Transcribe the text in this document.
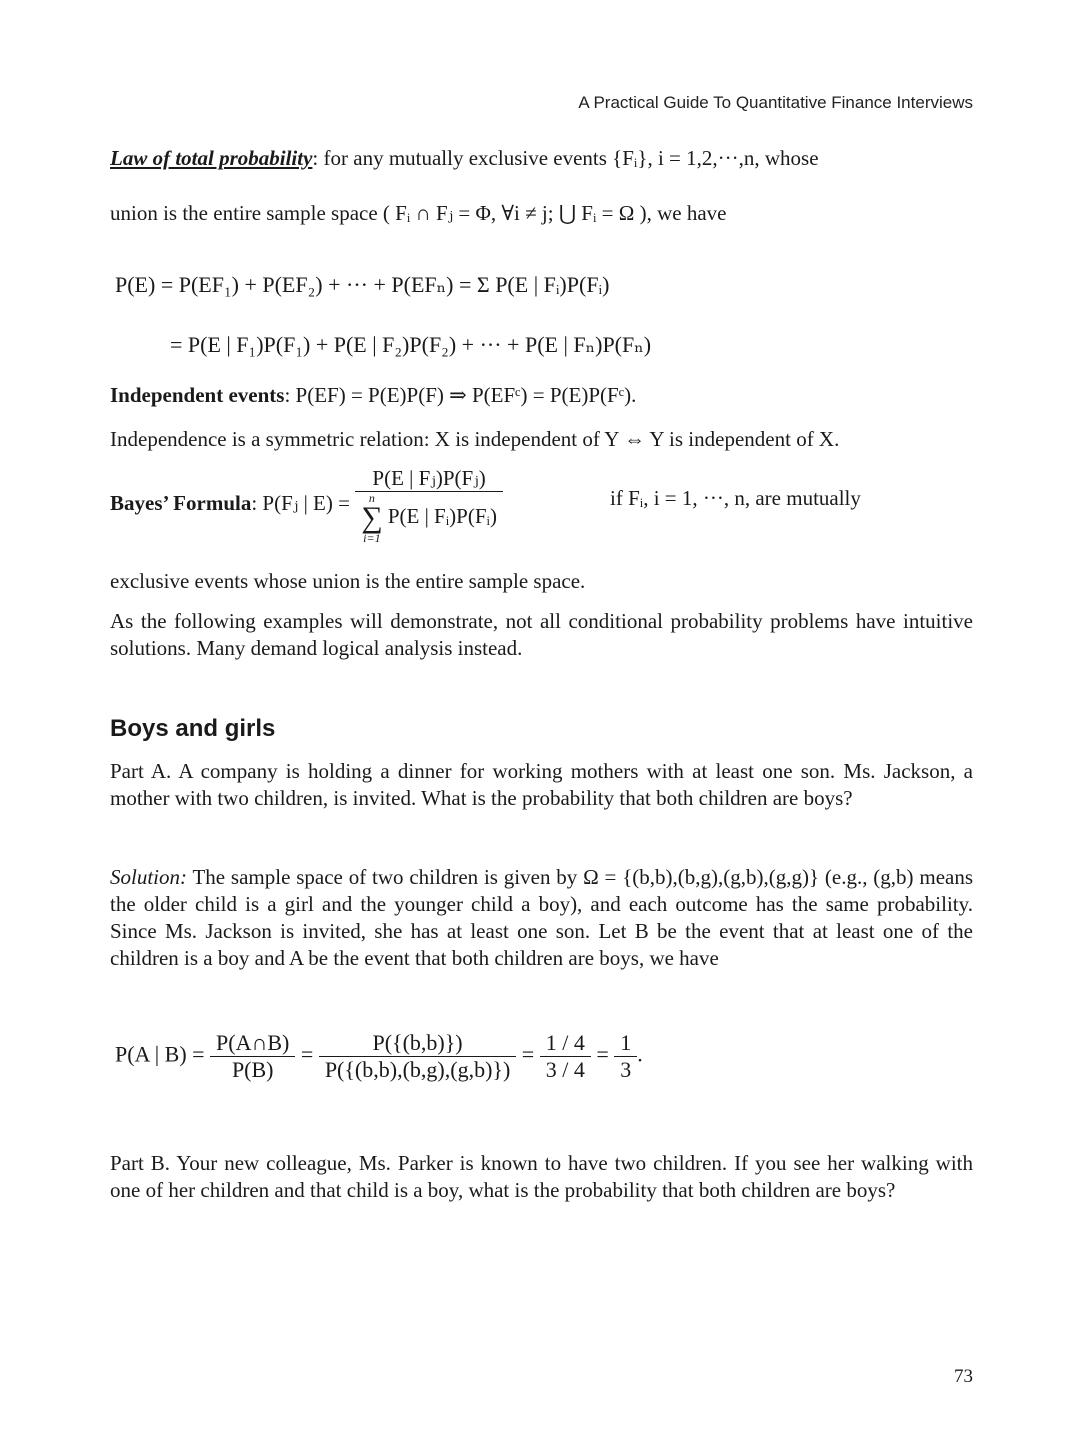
A Practical Guide To Quantitative Finance Interviews
Law of total probability: for any mutually exclusive events {Fᵢ}, i = 1,2,···,n, whose
union is the entire sample space ( Fᵢ ∩ Fⱼ = Φ, ∀i ≠ j; ⋃ Fᵢ = Ω ), we have
P(E) = P(EF₁) + P(EF₂) + ··· + P(EFₙ) = Σ P(E | Fᵢ)P(Fᵢ)
= P(E | F₁)P(F₁) + P(E | F₂)P(F₂) + ··· + P(E | Fₙ)P(Fₙ)
Independent events: P(EF) = P(E)P(F) ⇒ P(EFᶜ) = P(E)P(Fᶜ).
Independence is a symmetric relation: X is independent of Y ⇔ Y is independent of X.
Bayes’ Formula: P(Fⱼ | E) = P(E | Fⱼ)P(Fⱼ)
n
∑
i=1
P(E | Fᵢ)P(Fᵢ)	if Fᵢ, i = 1, ···, n, are mutually
exclusive events whose union is the entire sample space.
As the following examples will demonstrate, not all conditional probability problems have intuitive solutions. Many demand logical analysis instead.
Boys and girls
Part A. A company is holding a dinner for working mothers with at least one son. Ms. Jackson, a mother with two children, is invited. What is the probability that both children are boys?
Solution: The sample space of two children is given by Ω = {(b,b),(b,g),(g,b),(g,g)} (e.g., (g,b) means the older child is a girl and the younger child a boy), and each outcome has the same probability. Since Ms. Jackson is invited, she has at least one son. Let B be the event that at least one of the children is a boy and A be the event that both children are boys, we have
P(A | $B) = \frac{P(A\cap B)}{P(B)} = \frac{P(\{(b,b)\})}{P(\{(b,b),(b,g),(g,b)\})} = \frac{1 / 4}{3 / 4} = \frac{1}{3}$ .
Part B. Your new colleague, Ms. Parker is known to have two children. If you see her walking with one of her children and that child is a boy, what is the probability that both children are boys?
73
